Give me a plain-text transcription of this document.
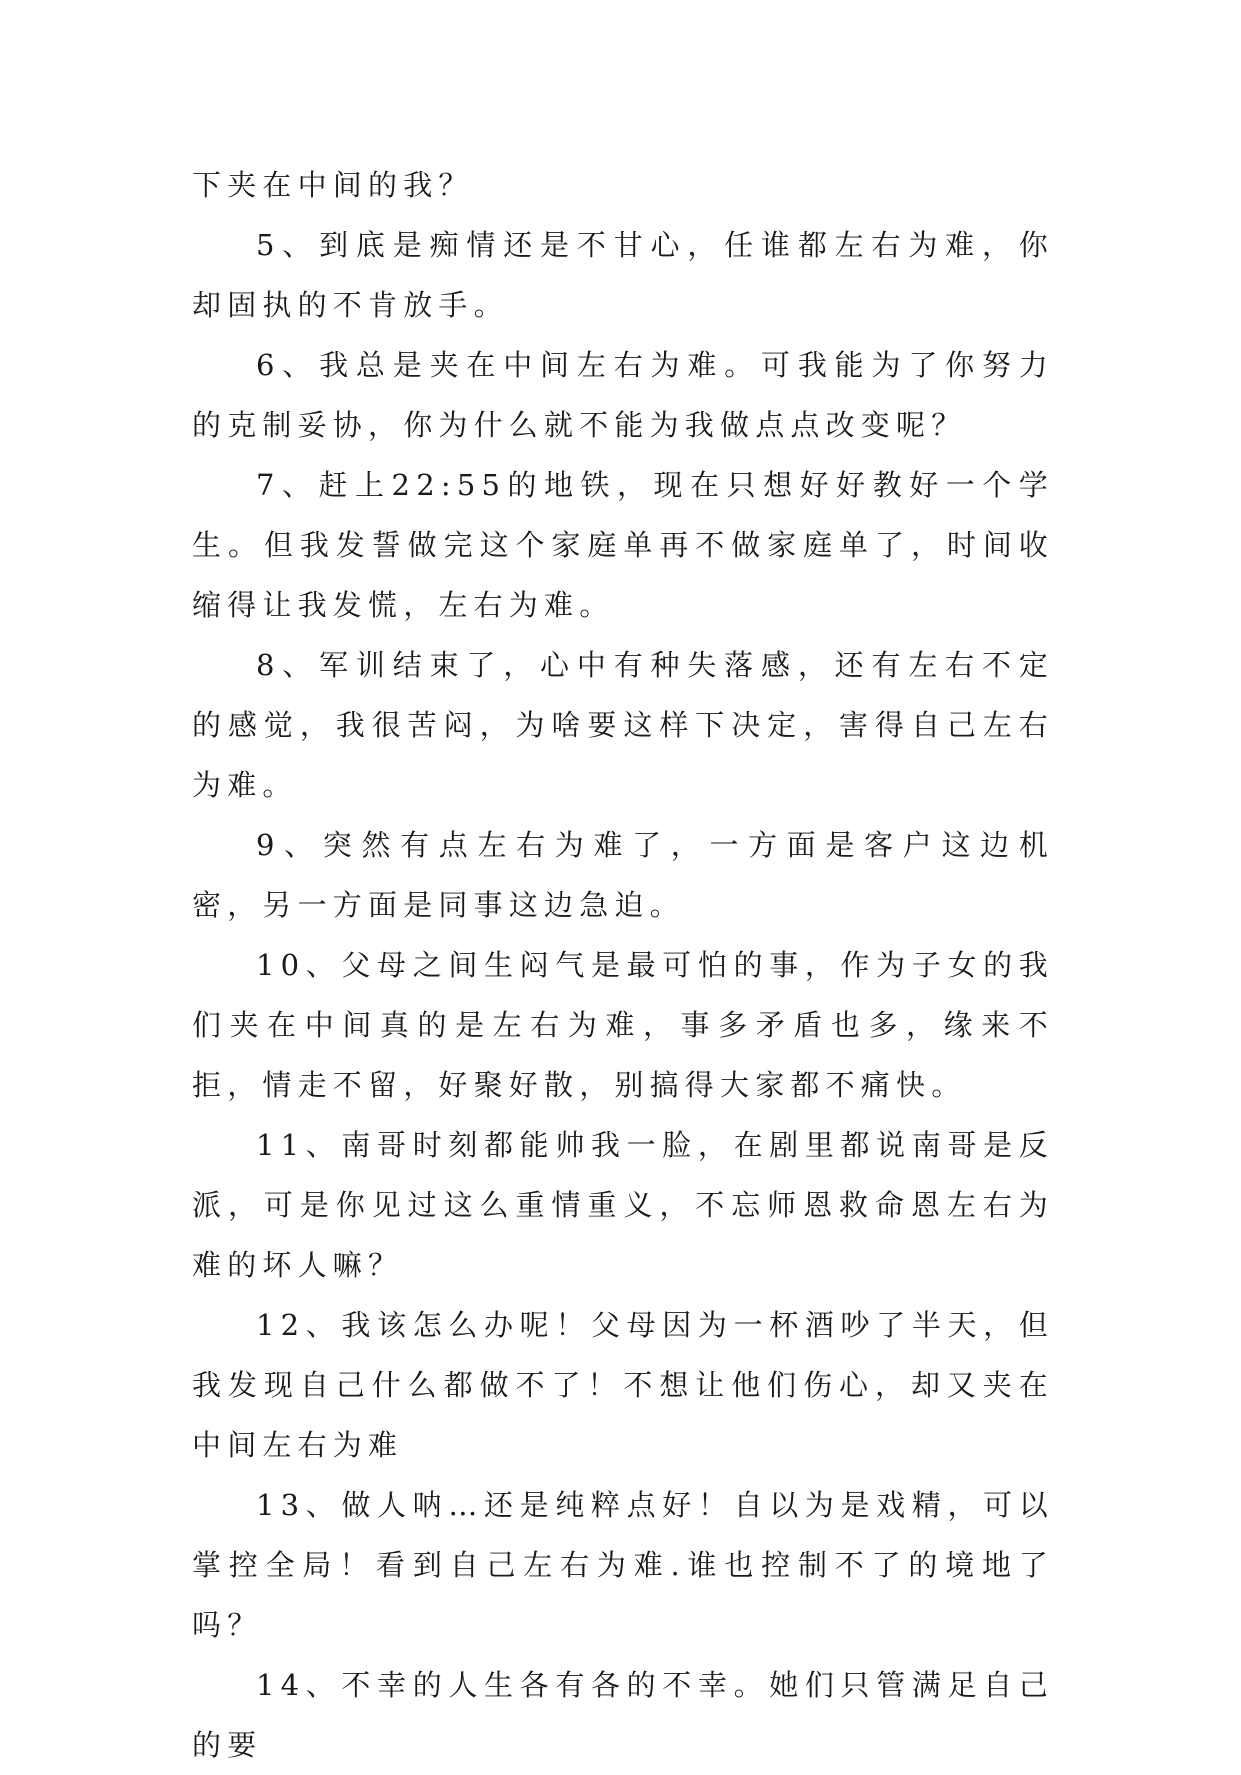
下夹在中间的我？

5、到底是痴情还是不甘心，任谁都左右为难，你却固执的不肯放手。

6、我总是夹在中间左右为难。可我能为了你努力的克制妥协，你为什么就不能为我做点点改变呢？

7、赶上22:55的地铁，现在只想好好教好一个学生。但我发誓做完这个家庭单再不做家庭单了，时间收缩得让我发慌，左右为难。

8、军训结束了，心中有种失落感，还有左右不定的感觉，我很苦闷，为啥要这样下决定，害得自己左右为难。

9、突然有点左右为难了，一方面是客户这边机密，另一方面是同事这边急迫。

10、父母之间生闷气是最可怕的事，作为子女的我们夹在中间真的是左右为难，事多矛盾也多，缘来不拒，情走不留，好聚好散，别搞得大家都不痛快。

11、南哥时刻都能帅我一脸，在剧里都说南哥是反派，可是你见过这么重情重义，不忘师恩救命恩左右为难的坏人嘛？

12、我该怎么办呢！父母因为一杯酒吵了半天，但我发现自己什么都做不了！不想让他们伤心，却又夹在中间左右为难

13、做人呐…还是纯粹点好！自以为是戏精，可以掌控全局！看到自己左右为难.谁也控制不了的境地了吗？

14、不幸的人生各有各的不幸。她们只管满足自己的要
